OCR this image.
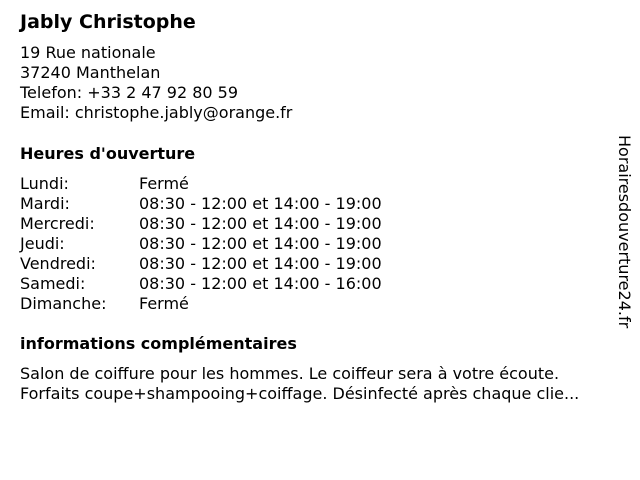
Jably Christophe
19 Rue nationale
37240 Manthelan
Telefon: +33 2 47 92 80 59
Email: christophe.jably@orange.fr
Heures d'ouverture
Lundi:	Fermé
Mardi:	08:30 - 12:00 et 14:00 - 19:00
Mercredi:	08:30 - 12:00 et 14:00 - 19:00
Jeudi:	08:30 - 12:00 et 14:00 - 19:00
Vendredi:	08:30 - 12:00 et 14:00 - 19:00
Samedi:	08:30 - 12:00 et 14:00 - 16:00
Dimanche: Fermé
informations complémentaires
Salon de coiffure pour les hommes. Le coiffeur sera à votre écoute.
Forfaits coupe+shampooing+coiffage. Désinfecté après chaque clie...
Horairesdouverture24.fr
